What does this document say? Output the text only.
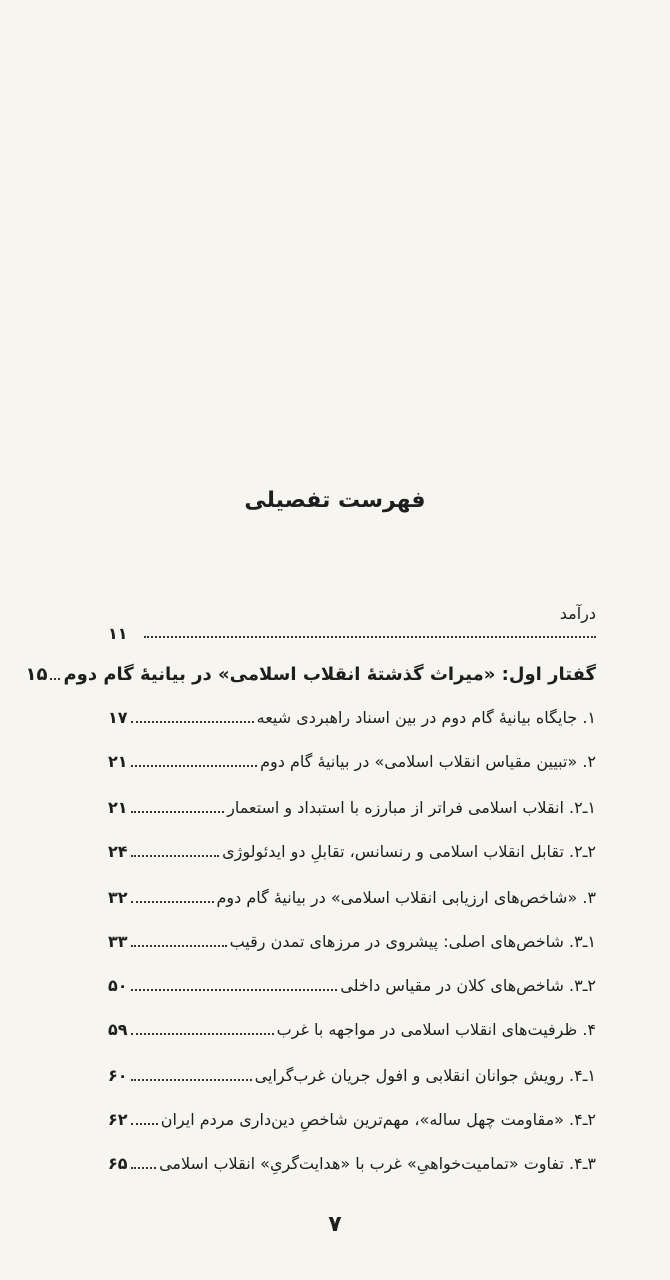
فهرست تفصیلی
درآمد
۱۱
گفتار اول: «میراث گذشتهٔ انقلاب اسلامی» در بیانیهٔ گام دوم
۱۵
۱. جایگاه بیانیهٔ گام دوم در بین اسناد راهبردی شیعه
۱۷
۲. «تبیین مقیاس انقلاب اسلامی» در بیانیهٔ گام دوم
۲۱
۱ـ۲. انقلاب اسلامی فراتر از مبارزه با استبداد و استعمار
۲۱
۲ـ۲. تقابل انقلاب اسلامی و رنسانس، تقابلِ دو ایدئولوژی
۲۴
۳. «شاخص‌های ارزیابی انقلاب اسلامی» در بیانیهٔ گام دوم
۳۲
۱ـ۳. شاخص‌های اصلی: پیشروی در مرزهای تمدن رقیب
۳۳
۲ـ۳. شاخص‌های کلان در مقیاس داخلی
۵۰
۴. ظرفیت‌های انقلاب اسلامی در مواجهه با غرب
۵۹
۱ـ۴. رویش جوانان انقلابی و افول جریان غرب‌گرایی
۶۰
۲ـ۴. «مقاومت چهل ساله»، مهم‌ترین شاخصِ دین‌داری مردم ایران
۶۲
۳ـ۴. تفاوت «تمامیت‌خواهیِ» غرب با «هدایت‌گریِ» انقلاب اسلامی
۶۵
۷
